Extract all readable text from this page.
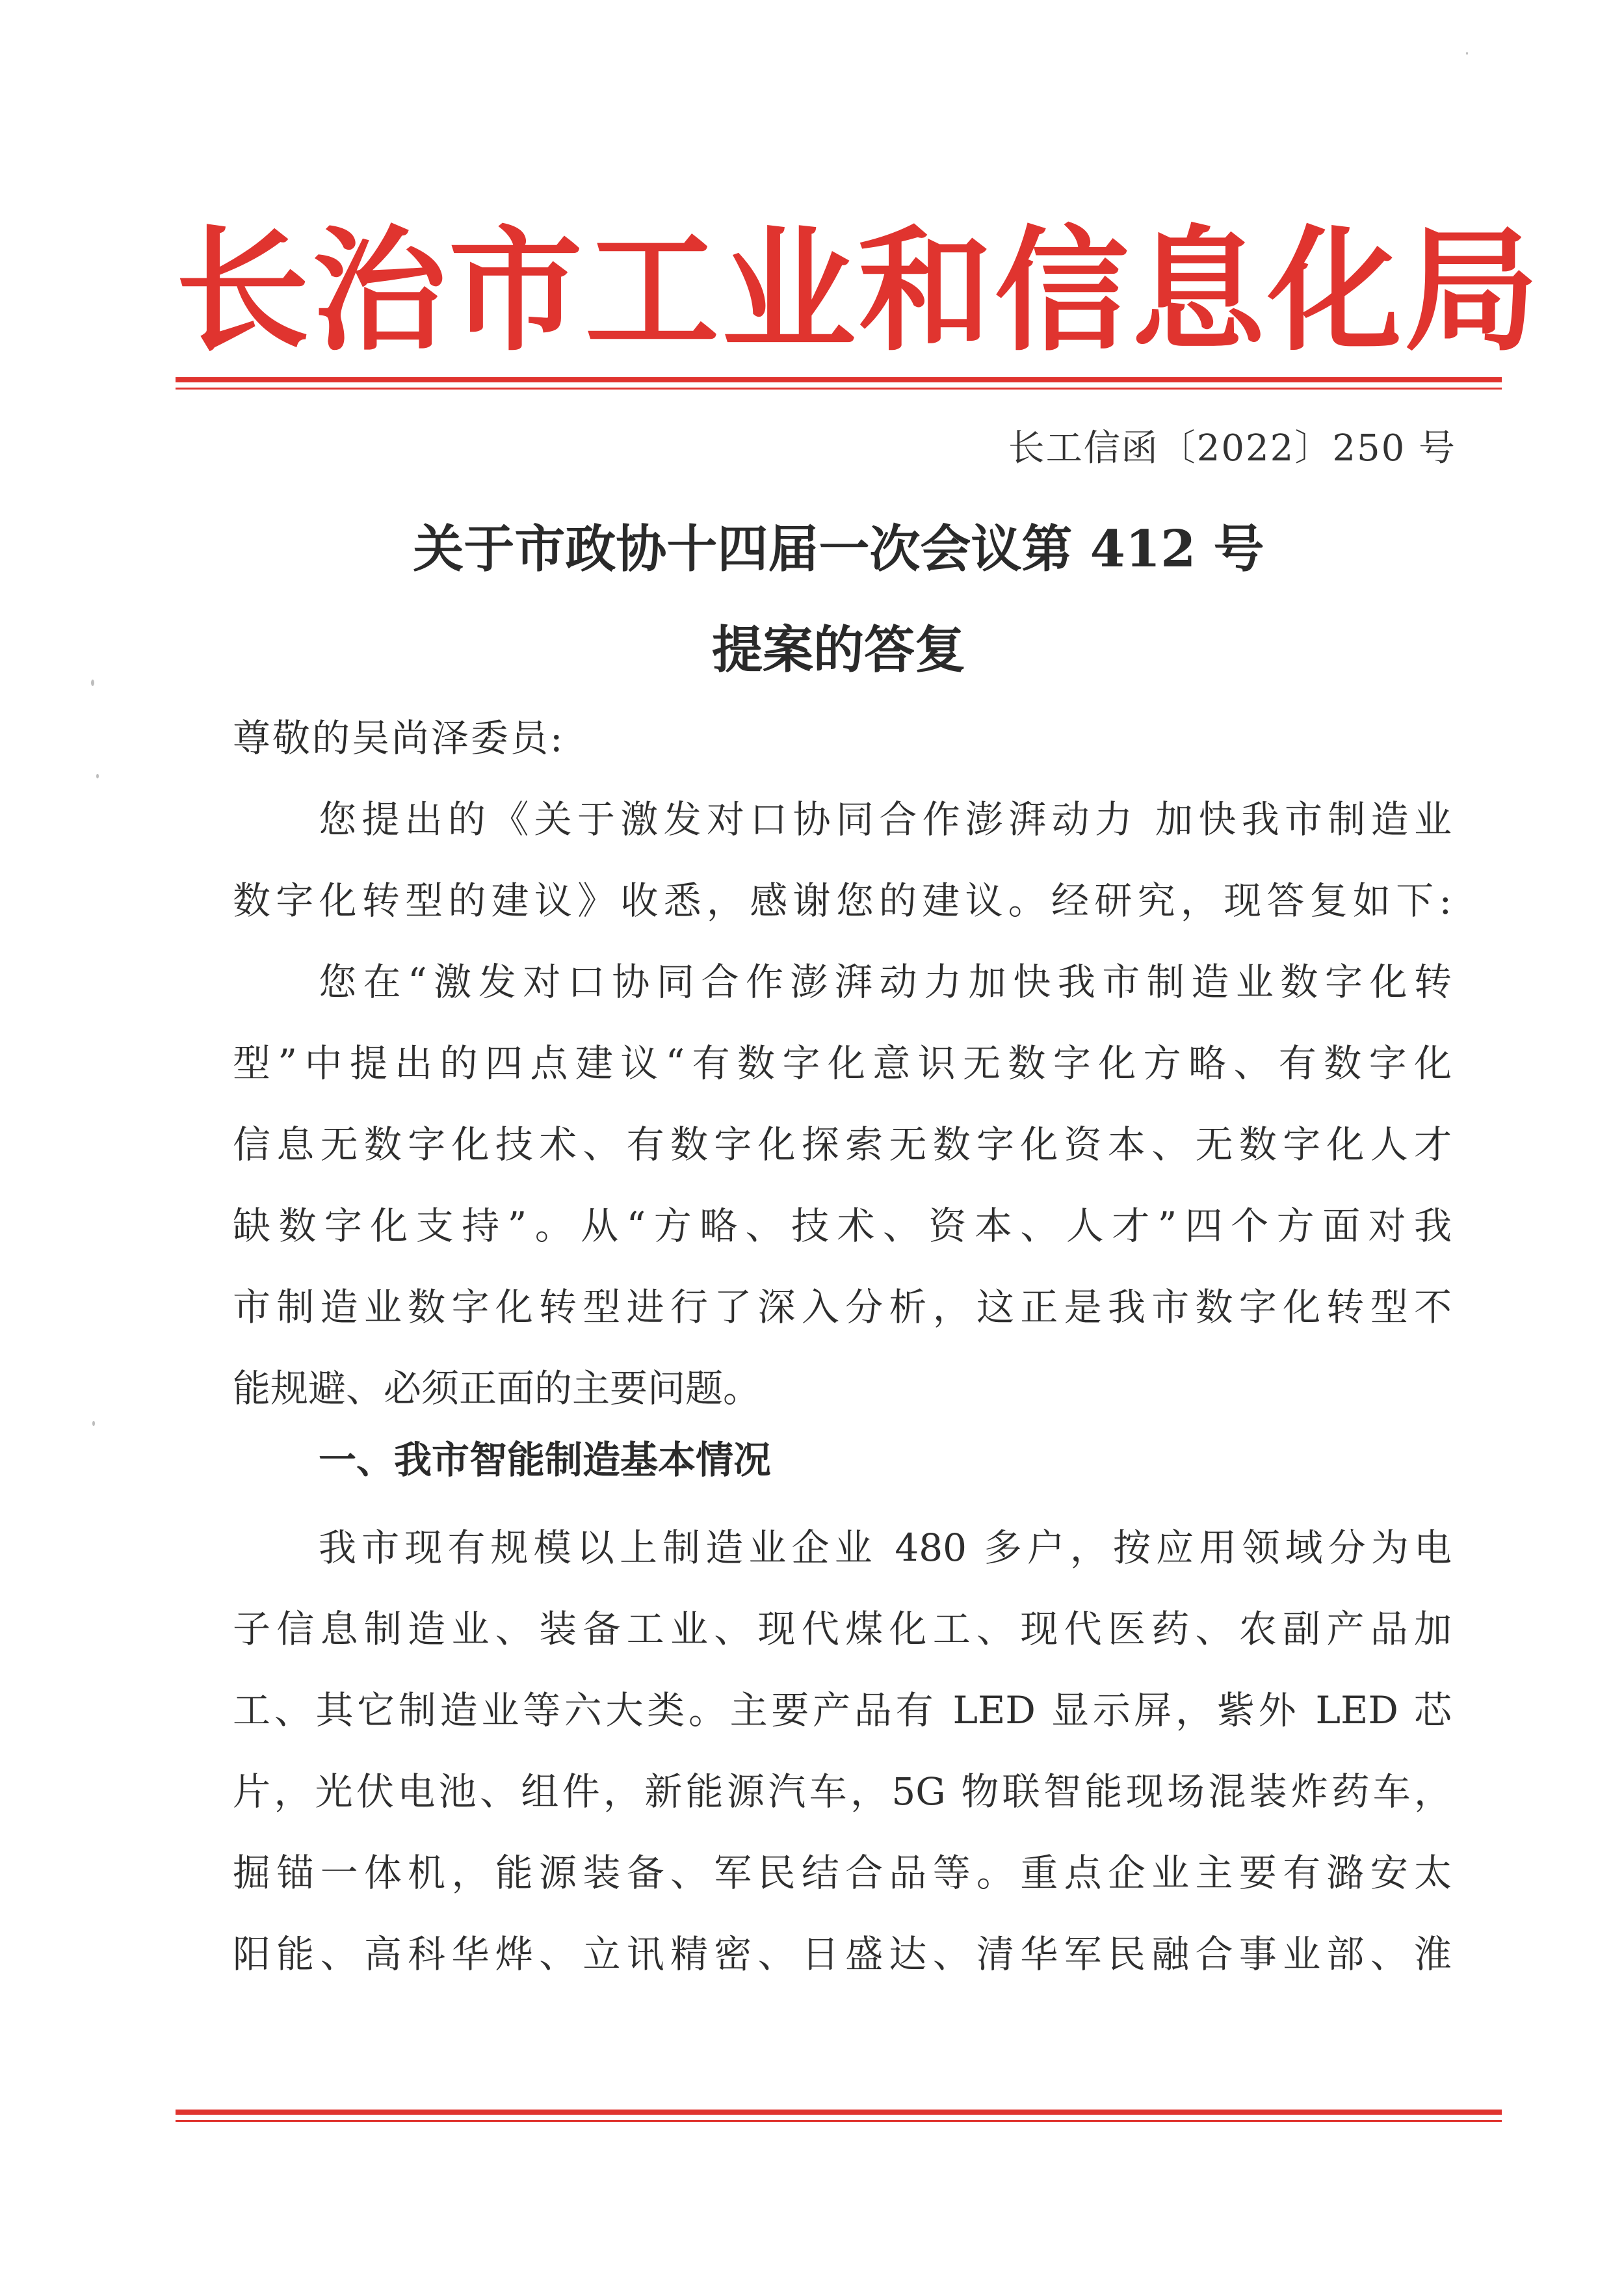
长治市工业和信息化局
长工信函〔2022〕250 号
关于市政协十四届一次会议第 412 号
提案的答复
尊敬的吴尚泽委员:
您提出的《关于激发对口协同合作澎湃动力 加快我市制造业
数字化转型的建议》收悉，感谢您的建议。经研究，现答复如下:
您在“激发对口协同合作澎湃动力加快我市制造业数字化转
型”中提出的四点建议“有数字化意识无数字化方略、有数字化
信息无数字化技术、有数字化探索无数字化资本、无数字化人才
缺数字化支持”。从“方略、技术、资本、人才”四个方面对我
市制造业数字化转型进行了深入分析，这正是我市数字化转型不
能规避、必须正面的主要问题。
一、我市智能制造基本情况
我市现有规模以上制造业企业 480 多户，按应用领域分为电
子信息制造业、装备工业、现代煤化工、现代医药、农副产品加
工、其它制造业等六大类。主要产品有 LED 显示屏，紫外 LED 芯
片，光伏电池、组件，新能源汽车，5G 物联智能现场混装炸药车，
掘锚一体机，能源装备、军民结合品等。重点企业主要有潞安太
阳能、高科华烨、立讯精密、日盛达、清华军民融合事业部、淮
